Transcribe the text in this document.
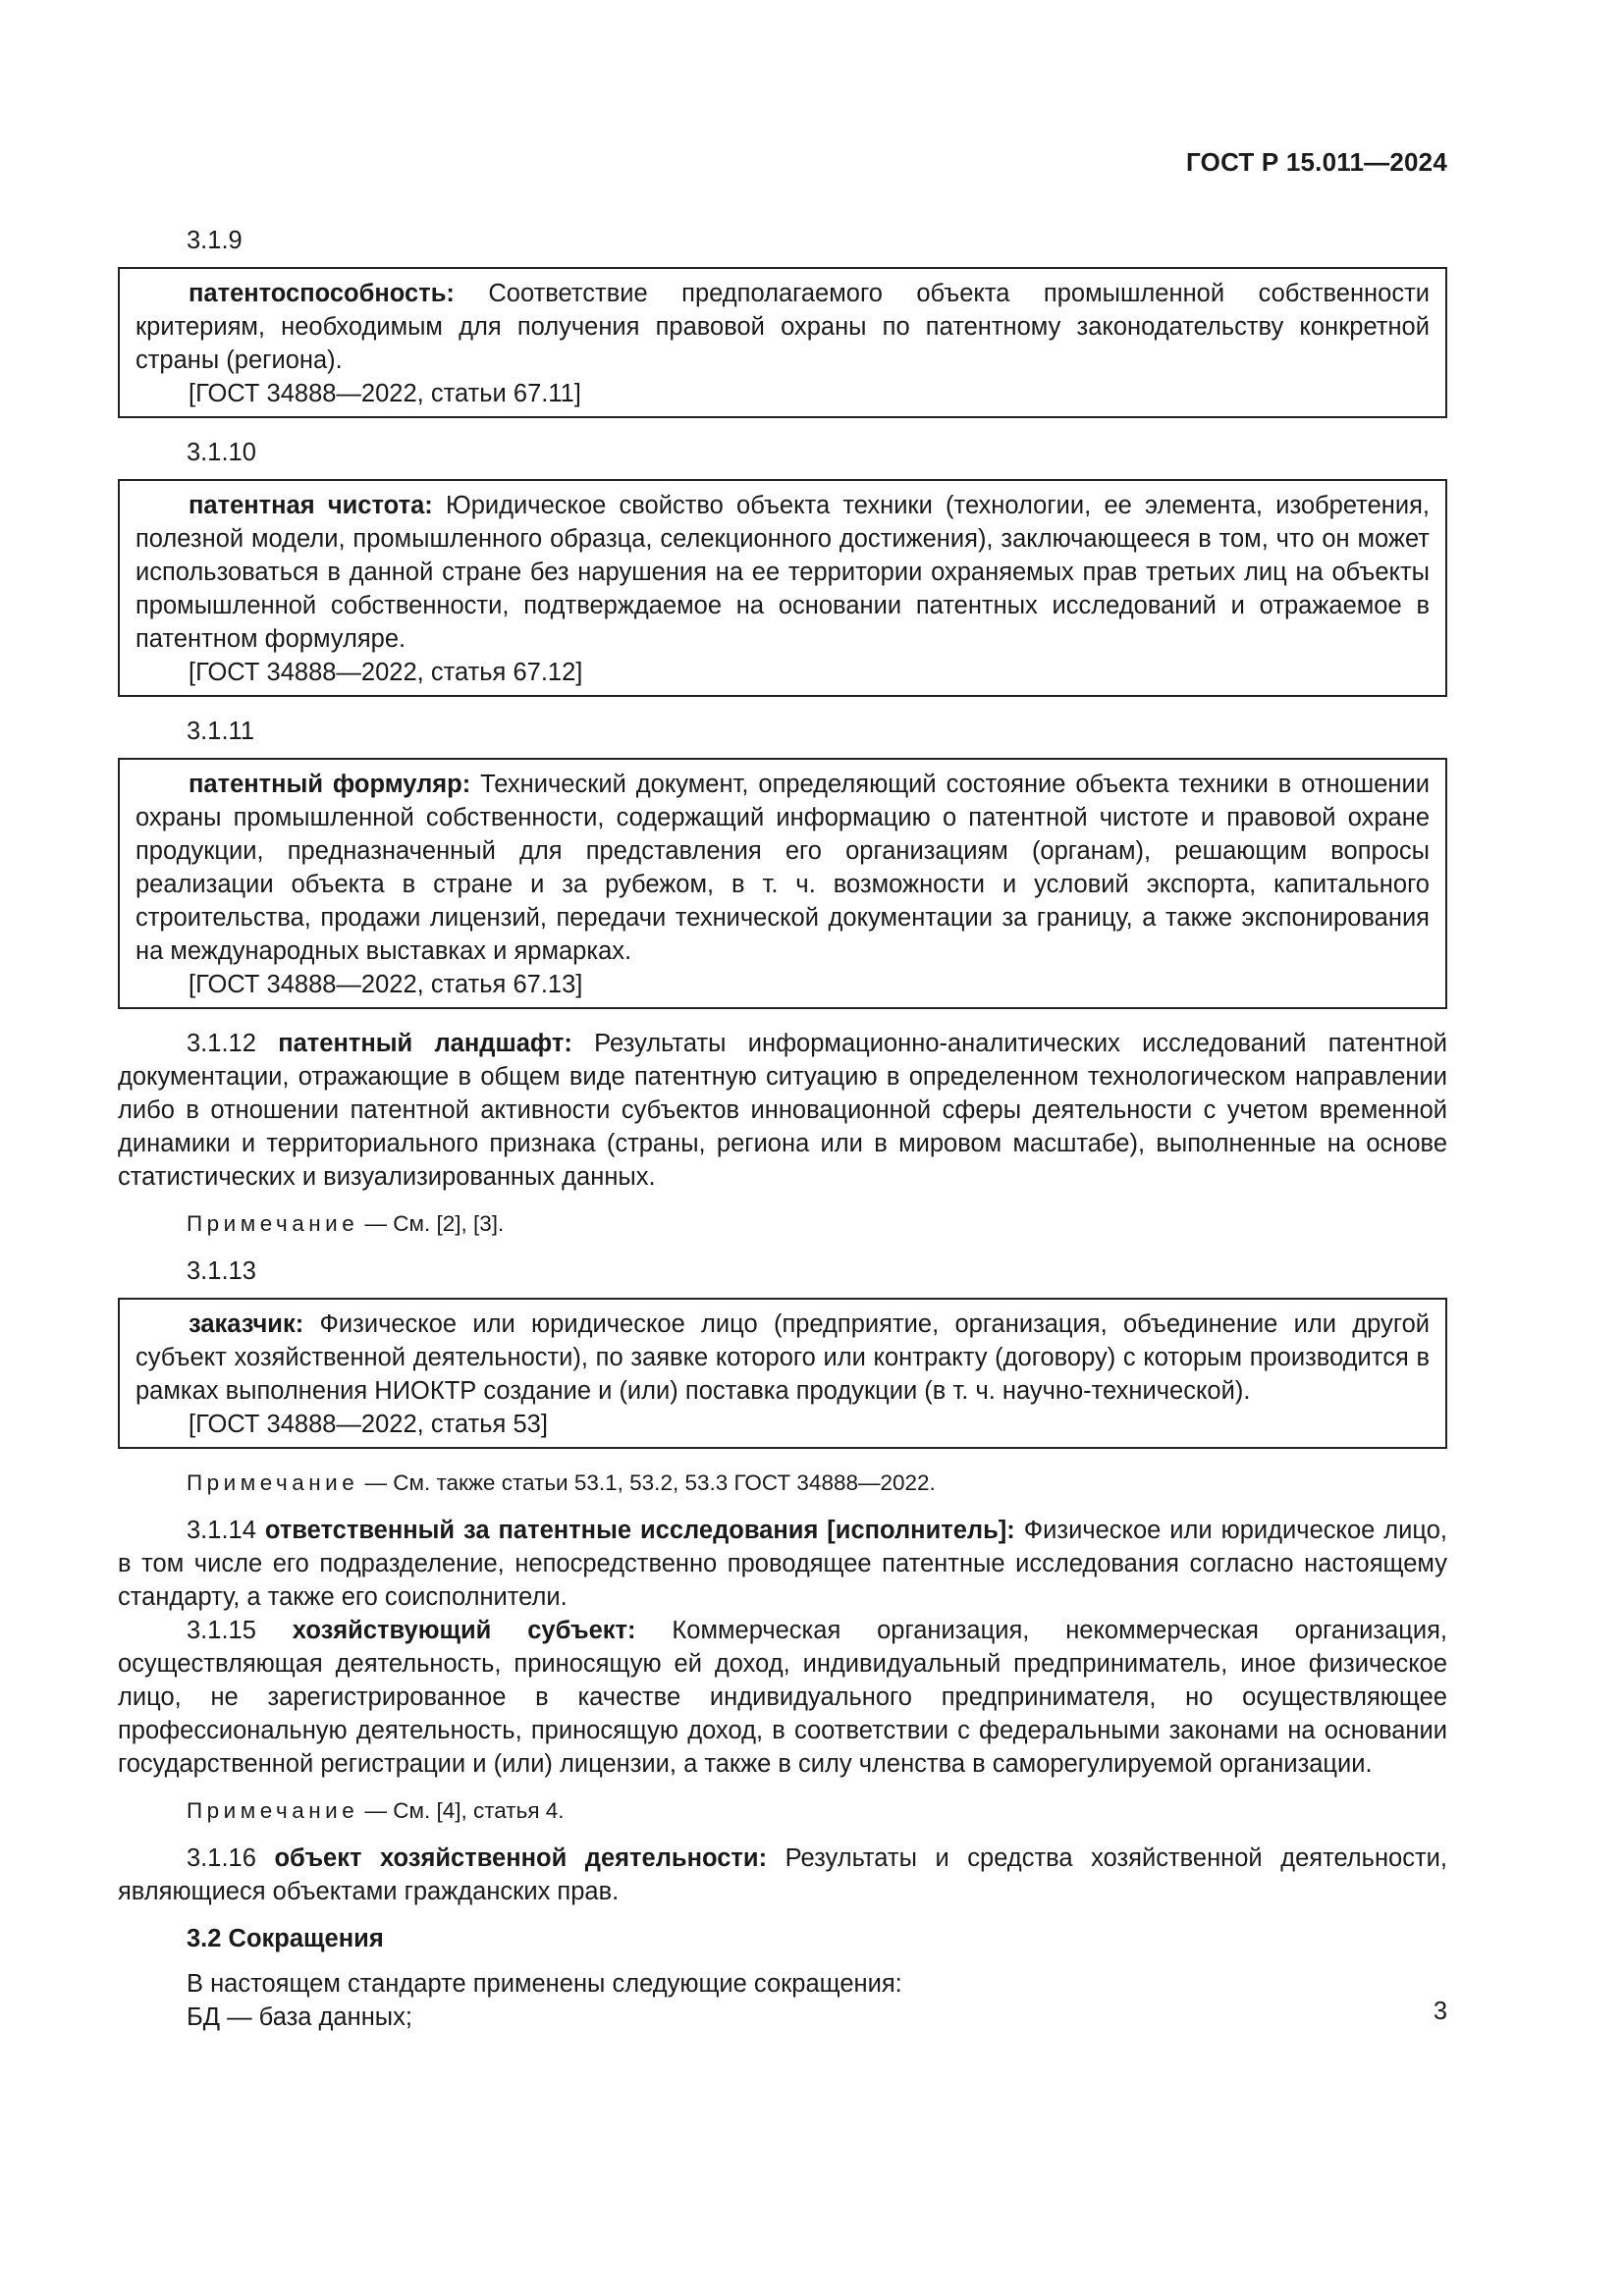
ГОСТ Р 15.011—2024

3.1.9

патентоспособность: Соответствие предполагаемого объекта промышленной собственности критериям, необходимым для получения правовой охраны по патентному законодательству конкретной страны (региона).

[ГОСТ 34888—2022, статьи 67.11]

3.1.10

патентная чистота: Юридическое свойство объекта техники (технологии, ее элемента, изобретения, полезной модели, промышленного образца, селекционного достижения), заключающееся в том, что он может использоваться в данной стране без нарушения на ее территории охраняемых прав третьих лиц на объекты промышленной собственности, подтверждаемое на основании патентных исследований и отражаемое в патентном формуляре.

[ГОСТ 34888—2022, статья 67.12]

3.1.11

патентный формуляр: Технический документ, определяющий состояние объекта техники в отношении охраны промышленной собственности, содержащий информацию о патентной чистоте и правовой охране продукции, предназначенный для представления его организациям (органам), решающим вопросы реализации объекта в стране и за рубежом, в т. ч. возможности и условий экспорта, капитального строительства, продажи лицензий, передачи технической документации за границу, а также экспонирования на международных выставках и ярмарках.

[ГОСТ 34888—2022, статья 67.13]

3.1.12 патентный ландшафт: Результаты информационно-аналитических исследований патентной документации, отражающие в общем виде патентную ситуацию в определенном технологическом направлении либо в отношении патентной активности субъектов инновационной сферы деятельности с учетом временной динамики и территориального признака (страны, региона или в мировом масштабе), выполненные на основе статистических и визуализированных данных.

Примечание — См. [2], [3].

3.1.13

заказчик: Физическое или юридическое лицо (предприятие, организация, объединение или другой субъект хозяйственной деятельности), по заявке которого или контракту (договору) с которым производится в рамках выполнения НИОКТР создание и (или) поставка продукции (в т. ч. научно-технической).

[ГОСТ 34888—2022, статья 53]

Примечание — См. также статьи 53.1, 53.2, 53.3 ГОСТ 34888—2022.

3.1.14 ответственный за патентные исследования [исполнитель]: Физическое или юридическое лицо, в том числе его подразделение, непосредственно проводящее патентные исследования согласно настоящему стандарту, а также его соисполнители.

3.1.15 хозяйствующий субъект: Коммерческая организация, некоммерческая организация, осуществляющая деятельность, приносящую ей доход, индивидуальный предприниматель, иное физическое лицо, не зарегистрированное в качестве индивидуального предпринимателя, но осуществляющее профессиональную деятельность, приносящую доход, в соответствии с федеральными законами на основании государственной регистрации и (или) лицензии, а также в силу членства в саморегулируемой организации.

Примечание — См. [4], статья 4.

3.1.16 объект хозяйственной деятельности: Результаты и средства хозяйственной деятельности, являющиеся объектами гражданских прав.

3.2 Сокращения

В настоящем стандарте применены следующие сокращения:

БД — база данных;	3
